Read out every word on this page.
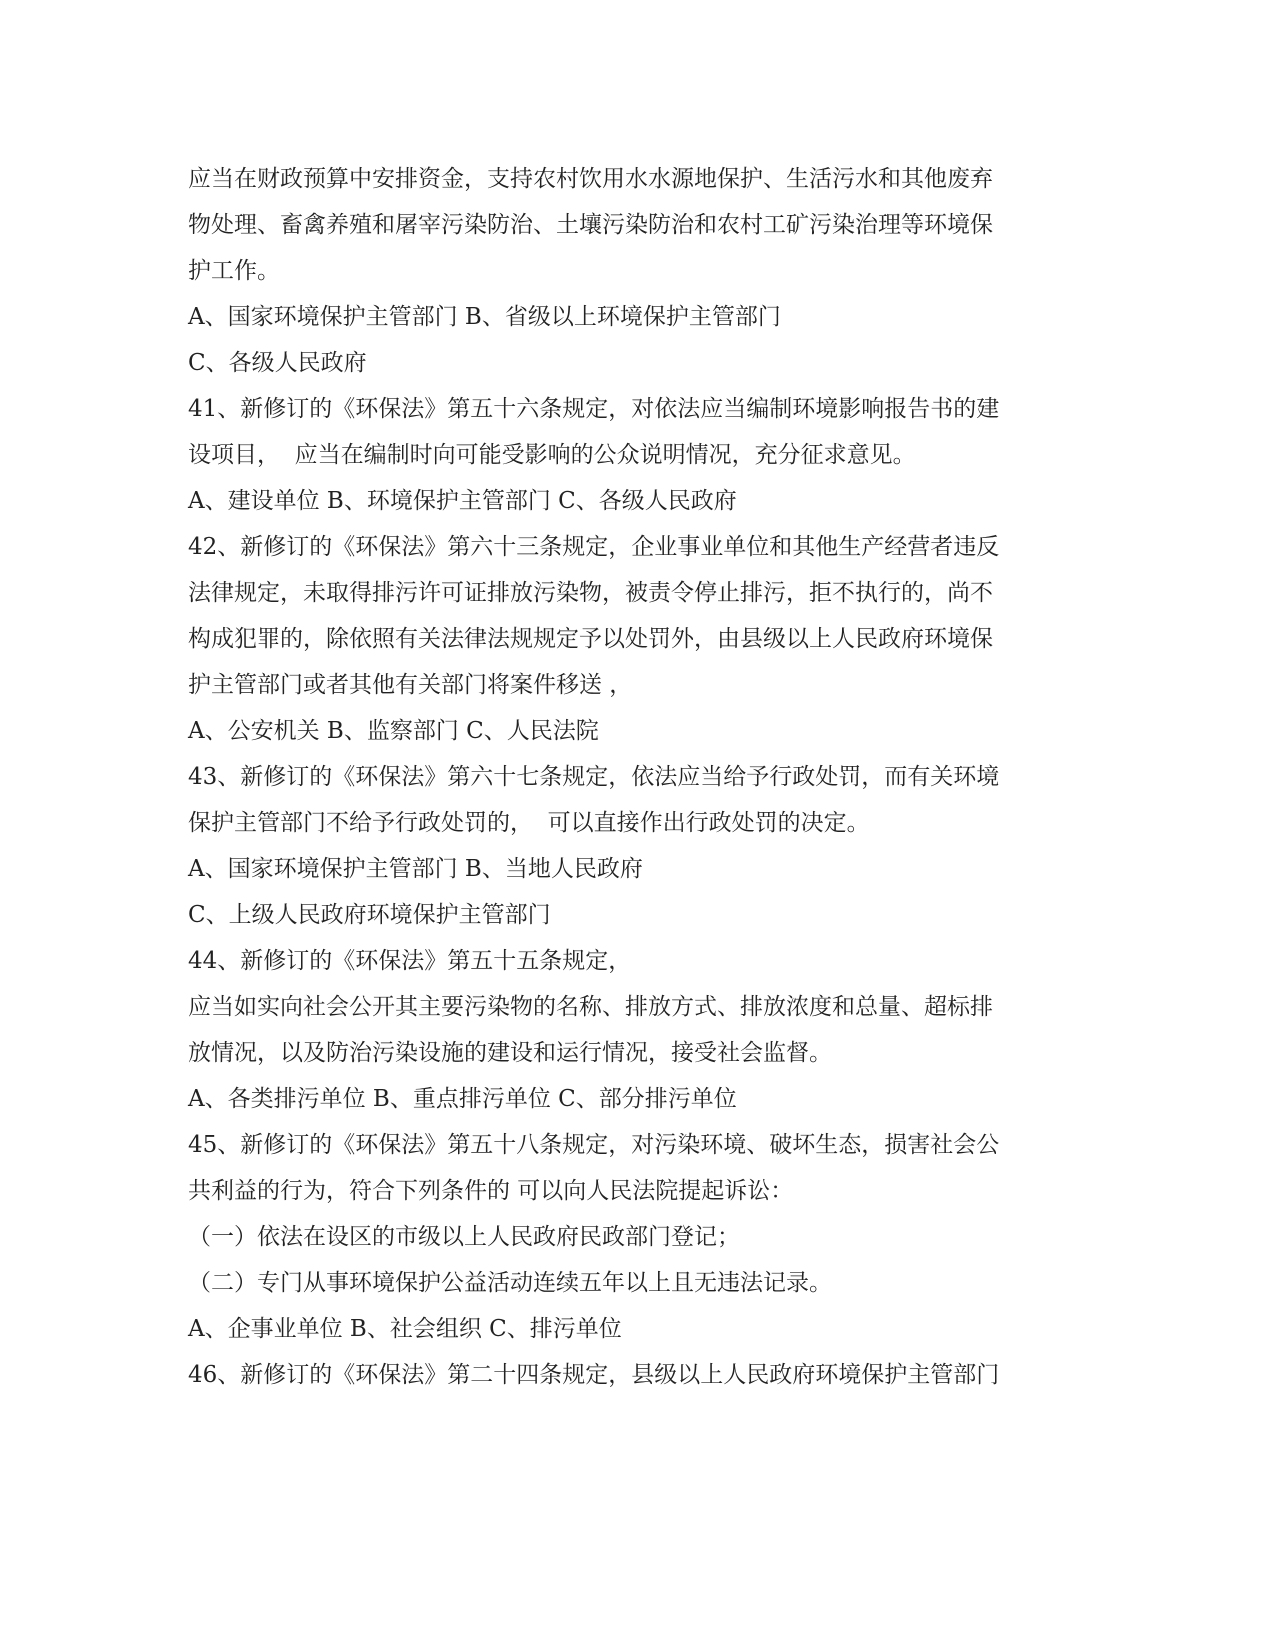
应当在财政预算中安排资金，支持农村饮用水水源地保护、生活污水和其他废弃
物处理、畜禽养殖和屠宰污染防治、土壤污染防治和农村工矿污染治理等环境保
护工作。
A、国家环境保护主管部门 B、省级以上环境保护主管部门
C、各级人民政府
41、新修订的《环保法》第五十六条规定，对依法应当编制环境影响报告书的建
设项目，  应当在编制时向可能受影响的公众说明情况，充分征求意见。
A、建设单位 B、环境保护主管部门 C、各级人民政府
42、新修订的《环保法》第六十三条规定，企业事业单位和其他生产经营者违反
法律规定，未取得排污许可证排放污染物，被责令停止排污，拒不执行的，尚不
构成犯罪的，除依照有关法律法规规定予以处罚外，由县级以上人民政府环境保
护主管部门或者其他有关部门将案件移送 ，
A、公安机关 B、监察部门 C、人民法院
43、新修订的《环保法》第六十七条规定，依法应当给予行政处罚，而有关环境
保护主管部门不给予行政处罚的，  可以直接作出行政处罚的决定。
A、国家环境保护主管部门 B、当地人民政府
C、上级人民政府环境保护主管部门
44、新修订的《环保法》第五十五条规定，
应当如实向社会公开其主要污染物的名称、排放方式、排放浓度和总量、超标排
放情况，以及防治污染设施的建设和运行情况，接受社会监督。
A、各类排污单位 B、重点排污单位 C、部分排污单位
45、新修订的《环保法》第五十八条规定，对污染环境、破坏生态，损害社会公
共利益的行为，符合下列条件的 可以向人民法院提起诉讼：
（一）依法在设区的市级以上人民政府民政部门登记；
（二）专门从事环境保护公益活动连续五年以上且无违法记录。
A、企事业单位 B、社会组织 C、排污单位
46、新修订的《环保法》第二十四条规定，县级以上人民政府环境保护主管部门
